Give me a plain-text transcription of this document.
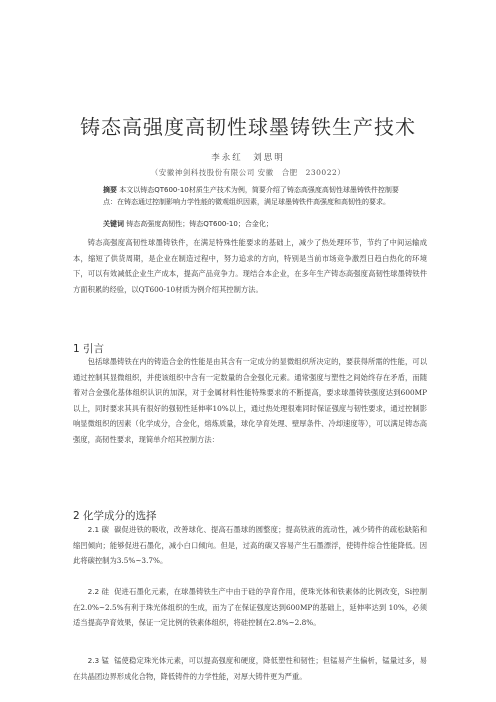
铸态高强度高韧性球墨铸铁生产技术
李永红　刘思明
（安徽神剑科技股份有限公司 安徽　合肥　230022）
摘要 本文以铸态QT600-10材质生产技术为例，简要介绍了铸态高强度高韧性球墨铸铁件控制要点：在铸态通过控制影响力学性能的微观组织因素，满足球墨铸铁件高强度和高韧性的要求。
关键词 铸态高强度高韧性；铸态QT600-10；合金化；

铸态高强度高韧性球墨铸铁件，在满足特殊性能要求的基础上，减少了热处理环节，节约了中间运输成本，缩短了供货周期，是企业在制造过程中，努力追求的方向，特别是当前市场竞争激烈日趋白热化的环境下，可以有效减低企业生产成本，提高产品竞争力。现结合本企业，在多年生产铸态高强度高韧性球墨铸铁件方面积累的经验，以QT600-10材质为例介绍其控制方法。

1 引言

包括球墨铸铁在内的铸造合金的性能是由其含有一定成分的显微组织所决定的，要获得所需的性能，可以通过控制其显微组织，并使该组织中含有一定数量的合金强化元素。通常强度与塑性之间始终存在矛盾，而随着对合金强化基体组织认识的加深，对于金属材料性能特殊要求的不断提高，要求球墨铸铁强度达到600MP以上，同时要求其具有很好的强韧性延伸率10%以上，通过热处理很难同时保证强度与韧性要求，通过控制影响显微组织的因素（化学成分，合金化，熔炼质量，球化孕育处理、壁厚条件、冷却速度等），可以满足铸态高强度，高韧性要求，现简单介绍其控制方法：

2 化学成分的选择

2.1 碳 碳促进铁的吸收，改善球化、提高石墨球的圆整度；提高铁液的流动性，减少铸件的疏松缺陷和缩凹倾向；能够促进石墨化，减小白口倾向。但是，过高的碳又容易产生石墨漂浮，使铸件综合性能降低。因此将碳控制为3.5%~3.7%。

2.2 硅 促进石墨化元素，在球墨铸铁生产中由于硅的孕育作用，使珠光体和铁素体的比例改变，Si控制在2.0%~2.5%有利于珠光体组织的生成，而为了在保证强度达到600MP的基础上，延伸率达到 10%，必须适当提高孕育效果，保证一定比例的铁素体组织，将硅控制在2.8%~2.8%。

2.3 锰 锰使稳定珠光体元素，可以提高强度和硬度，降低塑性和韧性；但锰易产生偏析，锰量过多，易在共晶团边界形成化合物，降低铸件的力学性能，对厚大铸件更为严重。
